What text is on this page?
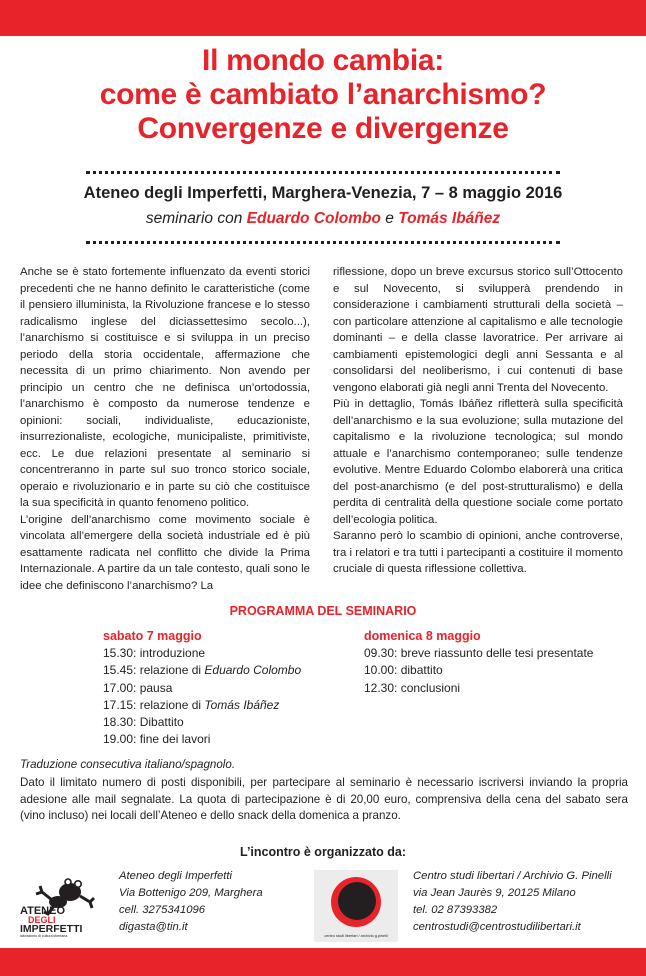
Il mondo cambia:
come è cambiato l’anarchismo?
Convergenze e divergenze
Ateneo degli Imperfetti, Marghera-Venezia, 7 – 8 maggio 2016
seminario con Eduardo Colombo e Tomás Ibáñez

Anche se è stato fortemente influenzato da eventi storici precedenti che ne hanno definito le caratteristiche (come il pensiero illuminista, la Rivoluzione francese e lo stesso radicalismo inglese del diciassettesimo secolo...), l’anarchismo si costituisce e si sviluppa in un preciso periodo della storia occidentale, affermazione che necessita di un primo chiarimento. Non avendo per principio un centro che ne definisca un’ortodossia, l’anarchismo è composto da numerose tendenze e opinioni: sociali, individualiste, educazioniste, insurrezionaliste, ecologiche, municipaliste, primitiviste, ecc. Le due relazioni presentate al seminario si concentreranno in parte sul suo tronco storico sociale, operaio e rivoluzionario e in parte su ciò che costituisce la sua specificità in quanto fenomeno politico.

L’origine dell’anarchismo come movimento sociale è vincolata all’emergere della società industriale ed è più esattamente radicata nel conflitto che divide la Prima Internazionale. A partire da un tale contesto, quali sono le idee che definiscono l’anarchismo? La

riflessione, dopo un breve excursus storico sull’Ottocento e sul Novecento, si svilupperà prendendo in considerazione i cambiamenti strutturali della società – con particolare attenzione al capitalismo e alle tecnologie dominanti – e della classe lavoratrice. Per arrivare ai cambiamenti epistemologici degli anni Sessanta e al consolidarsi del neoliberismo, i cui contenuti di base vengono elaborati già negli anni Trenta del Novecento.

Più in dettaglio, Tomás Ibáñez rifletterà sulla specificità dell’anarchismo e la sua evoluzione; sulla mutazione del capitalismo e la rivoluzione tecnologica; sul mondo attuale e l’anarchismo contemporaneo; sulle tendenze evolutive. Mentre Eduardo Colombo elaborerà una critica del post-anarchismo (e del post-strutturalismo) e della perdita di centralità della questione sociale come portato dell’ecologia politica.

Saranno però lo scambio di opinioni, anche controverse, tra i relatori e tra tutti i partecipanti a costituire il momento cruciale di questa riflessione collettiva.

PROGRAMMA DEL SEMINARIO
sabato 7 maggio
15.30: introduzione
15.45: relazione di Eduardo Colombo
17.00: pausa
17.15: relazione di Tomás Ibáñez
18.30: Dibattito
19.00: fine dei lavori
domenica 8 maggio
09.30: breve riassunto delle tesi presentate
10.00: dibattito
12.30: conclusioni
Traduzione consecutiva italiano/spagnolo.
Dato il limitato numero di posti disponibili, per partecipare al seminario è necessario iscriversi inviando la propria adesione alle mail segnalate. La quota di partecipazione è di 20,00 euro, comprensiva della cena del sabato sera (vino incluso) nei locali dell’Ateneo e dello snack della domenica a pranzo.
L’incontro è organizzato da:
ATENEO
DEGLI
IMPERFETTI
laboratorio di cultura libertaria
Ateneo degli Imperfetti
Via Bottenigo 209, Marghera
cell. 3275341096
digasta@tin.it
centro studi libertari / archivio g.pinelli
Centro studi libertari / Archivio G. Pinelli
via Jean Jaurès 9, 20125 Milano
tel. 02 87393382
centrostudi@centrostudilibertari.it
